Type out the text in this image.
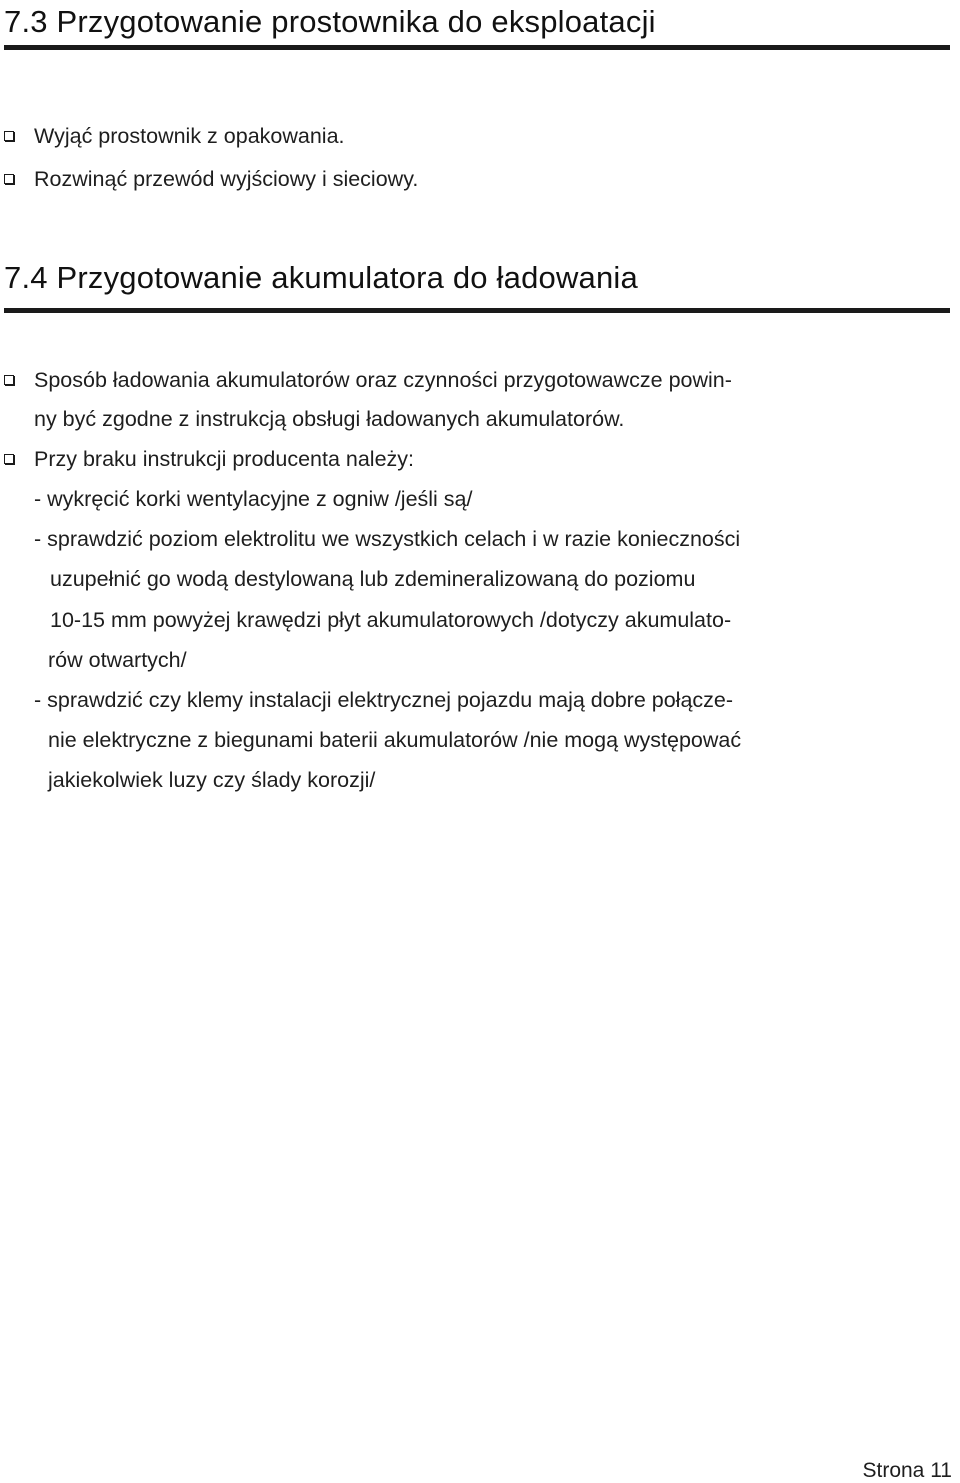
7.3 Przygotowanie prostownika do eksploatacji

Wyjąć prostownik z opakowania.

Rozwinąć przewód wyjściowy i sieciowy.

7.4 Przygotowanie akumulatora do ładowania

Sposób ładowania akumulatorów oraz czynności przygotowawcze powin-

ny być zgodne z instrukcją obsługi ładowanych akumulatorów.

Przy braku instrukcji producenta należy:

- wykręcić korki wentylacyjne z ogniw /jeśli są/

- sprawdzić poziom elektrolitu we wszystkich celach i w razie konieczności

uzupełnić go wodą destylowaną lub zdemineralizowaną do poziomu

10-15 mm powyżej krawędzi płyt akumulatorowych /dotyczy akumulato-

rów otwartych/

- sprawdzić czy klemy instalacji elektrycznej pojazdu mają dobre połącze-

nie elektryczne z biegunami baterii akumulatorów /nie mogą występować

jakiekolwiek luzy czy ślady korozji/

Strona 11
